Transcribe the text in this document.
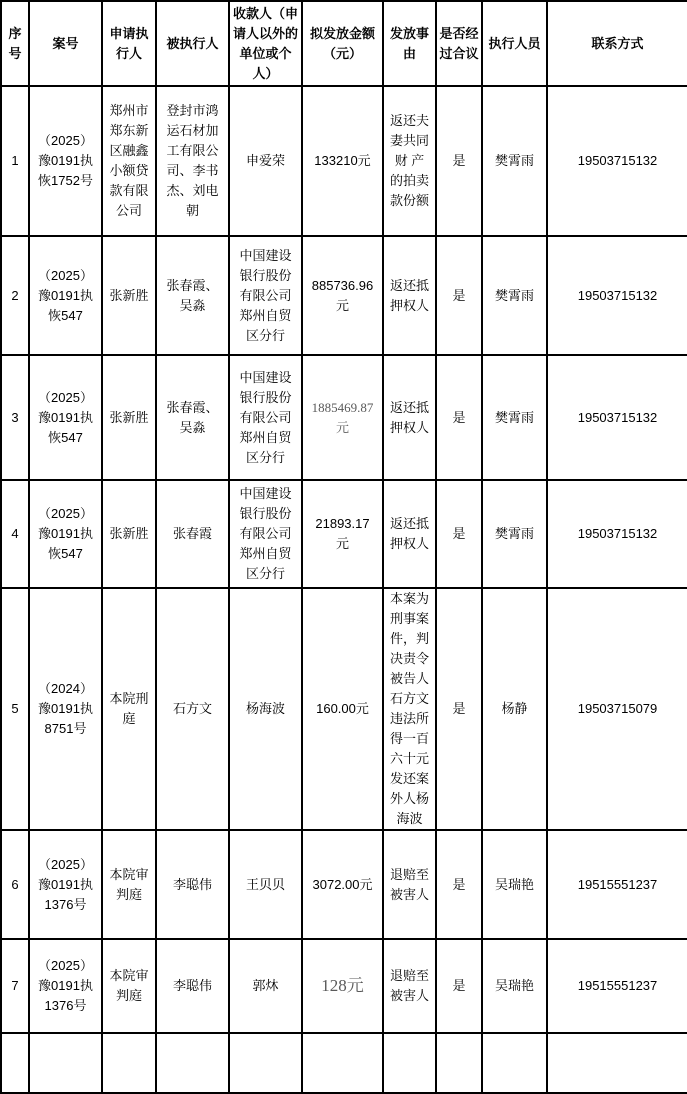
序号	案号	申请执行人	被执行人	收款人（申请人以外的单位或个人）	拟发放金额（元）	发放事由	是否经过合议	执行人员	联系方式
1	（2025）豫0191执恢1752号	郑州市郑东新区融鑫小额贷款有限公司	登封市鸿运石材加工有限公司、李书杰、刘电朝	申爱荣	133210元	返还夫妻共同财 产 的拍卖款份额	是	樊霄雨	19503715132
2	（2025）豫0191执恢547	张新胜	张春霞、吴淼	中国建设银行股份有限公司郑州自贸区分行	885736.96元	返还抵押权人	是	樊霄雨	19503715132
3	（2025）豫0191执恢547	张新胜	张春霞、吴淼	中国建设银行股份有限公司郑州自贸区分行	1885469.87 元	返还抵押权人	是	樊霄雨	19503715132
4	（2025）豫0191执恢547	张新胜	张春霞	中国建设银行股份有限公司郑州自贸区分行	21893.17 元	返还抵押权人	是	樊霄雨	19503715132
5	（2024）豫0191执8751号	本院刑庭	石方文	杨海波	160.00元	本案为刑事案件，判决责令被告人石方文违法所得一百六十元发还案外人杨海波	是	杨静	19503715079
6	（2025）豫0191执1376号	本院审判庭	李聪伟	王贝贝	3072.00元	退赔至被害人	是	吴瑞艳	19515551237
7	（2025）豫0191执1376号	本院审判庭	李聪伟	郭炑	128元	退赔至被害人	是	吴瑞艳	19515551237
